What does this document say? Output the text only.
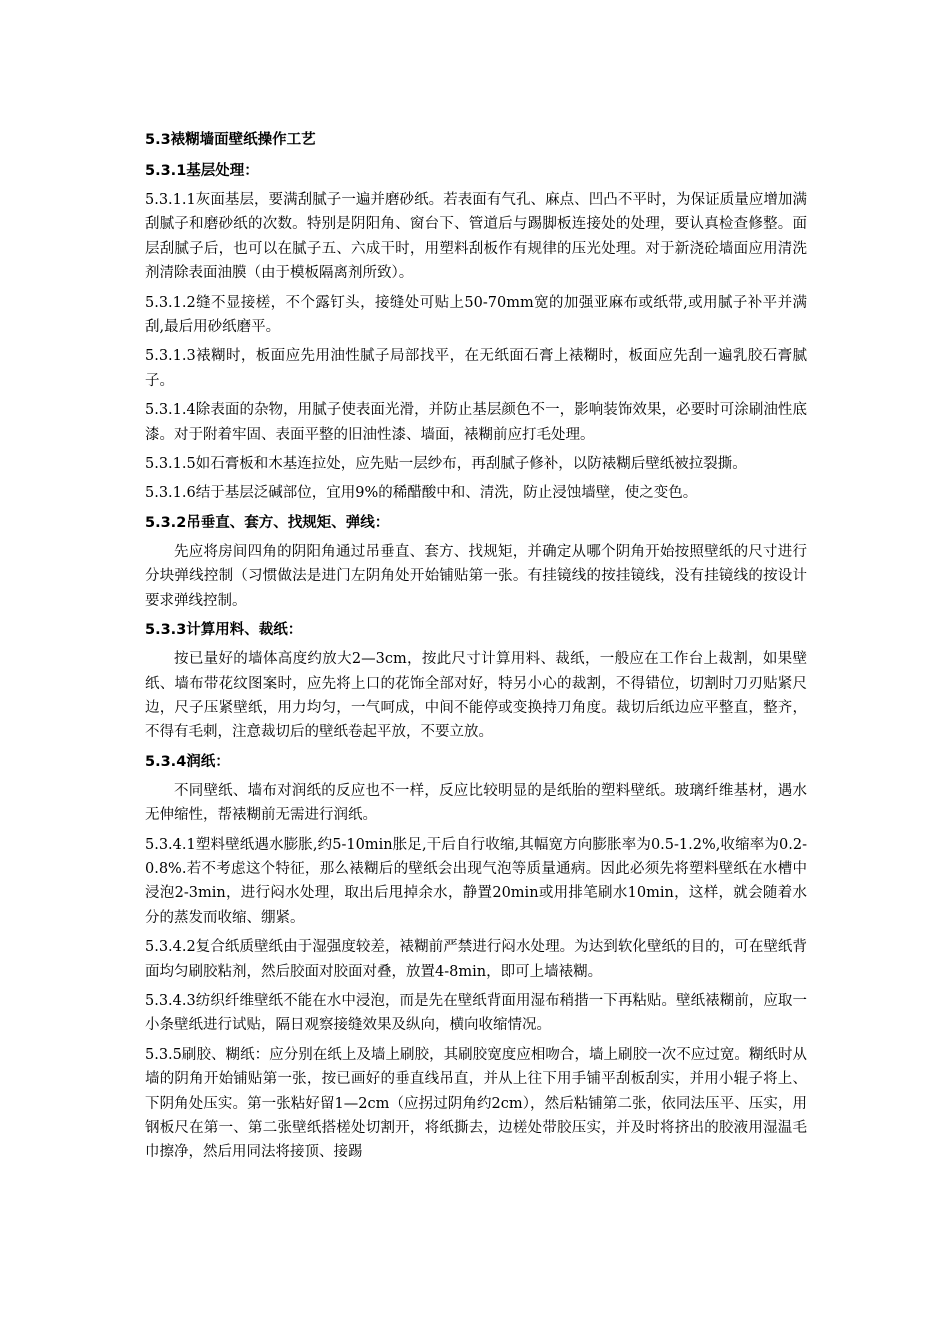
5.3裱糊墙面壁纸操作工艺
5.3.1基层处理：

5.3.1.1灰面基层，要满刮腻子一遍并磨砂纸。若表面有气孔、麻点、凹凸不平时，为保证质量应增加满刮腻子和磨砂纸的次数。特别是阴阳角、窗台下、管道后与踢脚板连接处的处理，要认真检查修整。面层刮腻子后，也可以在腻子五、六成干时，用塑料刮板作有规律的压光处理。对于新浇砼墙面应用清洗剂清除表面油膜（由于模板隔离剂所致）。

5.3.1.2缝不显接槎，不个露钉头，接缝处可贴上50-70mm宽的加强亚麻布或纸带,或用腻子补平并满刮,最后用砂纸磨平。

5.3.1.3裱糊时，板面应先用油性腻子局部找平，在无纸面石膏上裱糊时，板面应先刮一遍乳胶石膏腻子。

5.3.1.4除表面的杂物，用腻子使表面光滑，并防止基层颜色不一，影响装饰效果，必要时可涂刷油性底漆。对于附着牢固、表面平整的旧油性漆、墙面，裱糊前应打毛处理。

5.3.1.5如石膏板和木基连拉处，应先贴一层纱布，再刮腻子修补，以防裱糊后壁纸被拉裂撕。

5.3.1.6结于基层泛碱部位，宜用9%的稀醋酸中和、清洗，防止浸蚀墙壁，使之变色。

5.3.2吊垂直、套方、找规矩、弹线：

先应将房间四角的阴阳角通过吊垂直、套方、找规矩，并确定从哪个阴角开始按照壁纸的尺寸进行分块弹线控制（习惯做法是进门左阴角处开始铺贴第一张。有挂镜线的按挂镜线，没有挂镜线的按设计要求弹线控制。

5.3.3计算用料、裁纸：

按已量好的墙体高度约放大2—3cm，按此尺寸计算用料、裁纸，一般应在工作台上裁割，如果壁纸、墙布带花纹图案时，应先将上口的花饰全部对好，特另小心的裁割，不得错位，切割时刀刃贴紧尺边，尺子压紧壁纸，用力均匀，一气呵成，中间不能停或变换持刀角度。裁切后纸边应平整直，整齐，不得有毛刺，注意裁切后的壁纸卷起平放，不要立放。

5.3.4润纸：

不同壁纸、墙布对润纸的反应也不一样，反应比较明显的是纸胎的塑料壁纸。玻璃纤维基材，遇水无伸缩性，帮裱糊前无需进行润纸。

5.3.4.1塑料壁纸遇水膨胀,约5-10min胀足,干后自行收缩,其幅宽方向膨胀率为0.5-1.2%,收缩率为0.2-0.8%.若不考虑这个特征，那么裱糊后的壁纸会出现气泡等质量通病。因此必须先将塑料壁纸在水槽中浸泡2-3min，进行闷水处理，取出后甩掉余水，静置20min或用排笔刷水10min，这样，就会随着水分的蒸发而收缩、绷紧。

5.3.4.2复合纸质壁纸由于湿强度较差，裱糊前严禁进行闷水处理。为达到软化壁纸的目的，可在壁纸背面均匀刷胶粘剂，然后胶面对胶面对叠，放置4-8min，即可上墙裱糊。

5.3.4.3纺织纤维壁纸不能在水中浸泡，而是先在壁纸背面用湿布稍揩一下再粘贴。壁纸裱糊前，应取一小条壁纸进行试贴，隔日观察接缝效果及纵向，横向收缩情况。

5.3.5刷胶、糊纸：应分别在纸上及墙上刷胶，其刷胶宽度应相吻合，墙上刷胶一次不应过宽。糊纸时从墙的阴角开始铺贴第一张，按已画好的垂直线吊直，并从上往下用手铺平刮板刮实，并用小辊子将上、下阴角处压实。第一张粘好留1—2cm（应拐过阴角约2cm），然后粘铺第二张，依同法压平、压实，用钢板尺在第一、第二张壁纸搭槎处切割开，将纸撕去，边槎处带胶压实，并及时将挤出的胶液用湿温毛巾擦净，然后用同法将接顶、接踢
